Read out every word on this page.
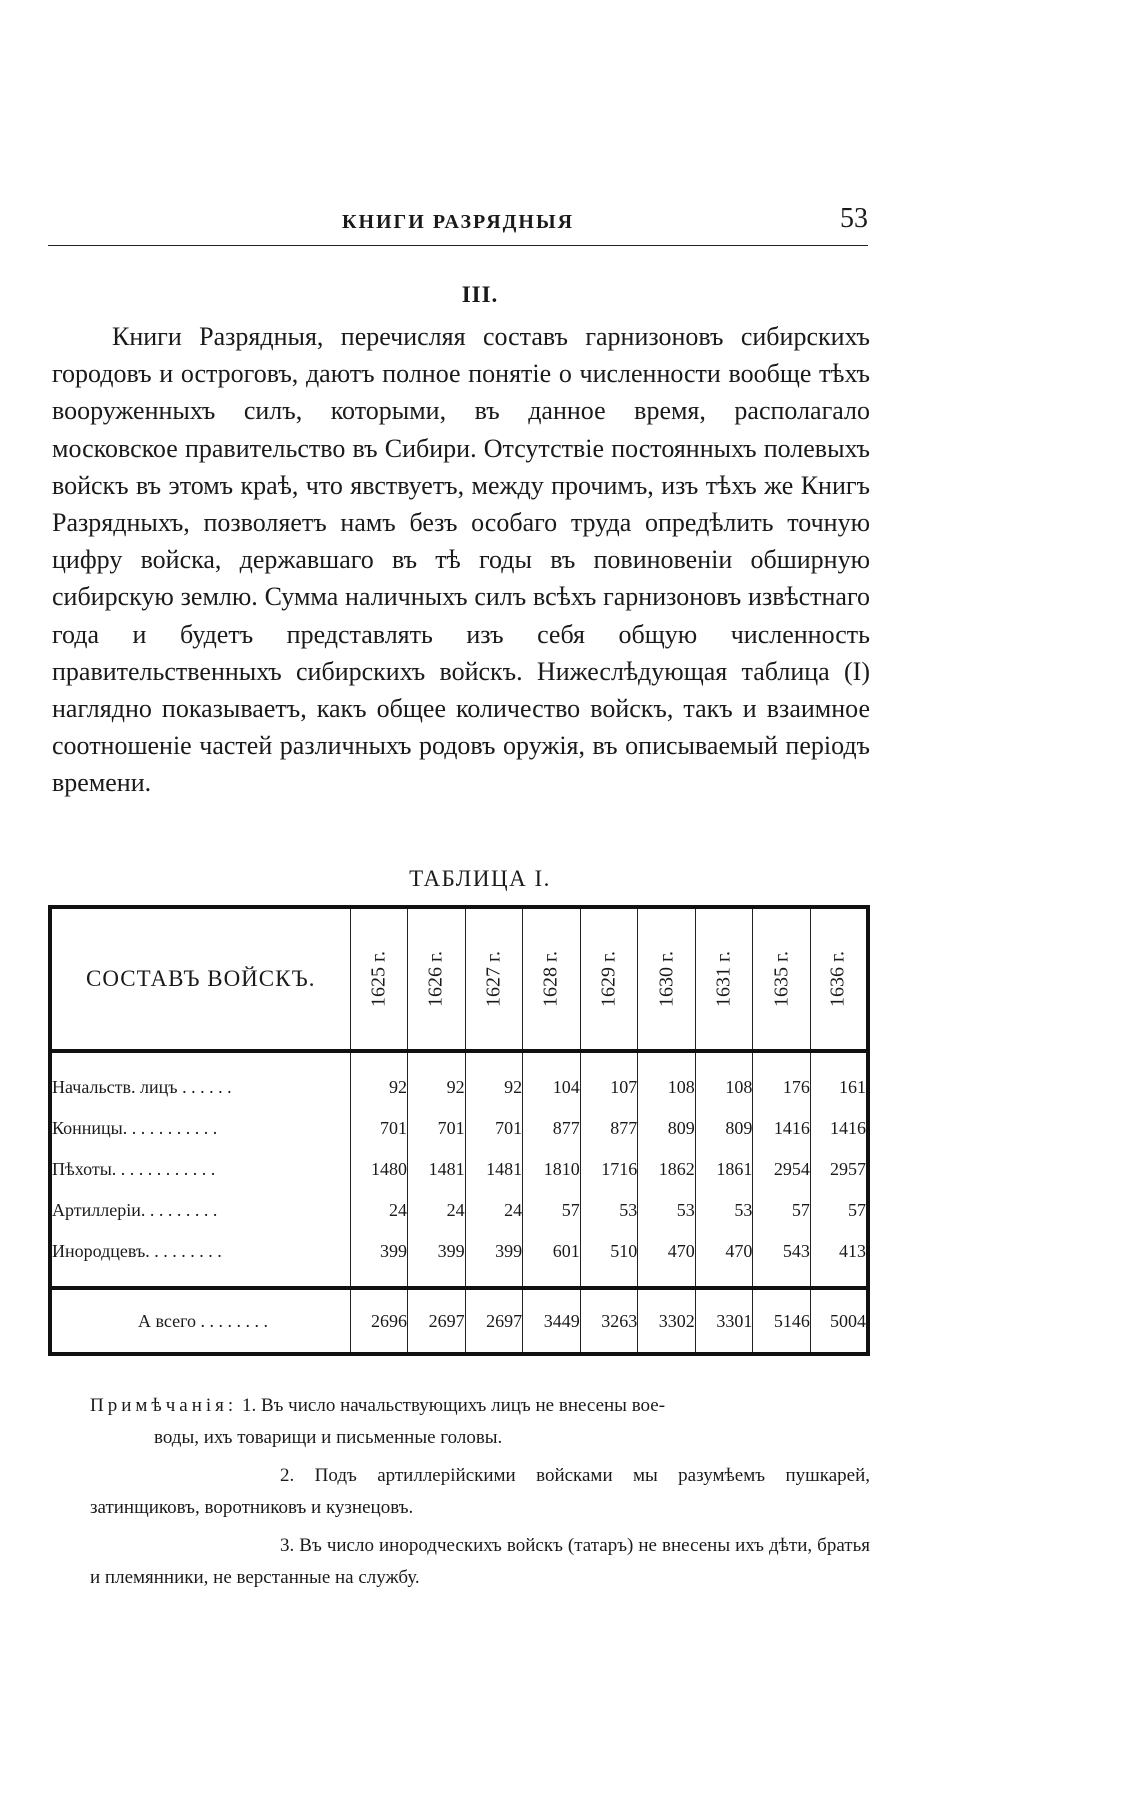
КНИГИ РАЗРЯДНЫЯ	53
III.

Книги Разрядныя, перечисляя составъ гарнизоновъ сибирскихъ городовъ и остроговъ, даютъ полное понятіе о численности вообще тѣхъ вооруженныхъ силъ, которыми, въ данное время, располагало московское правительство въ Сибири. Отсутствіе постоянныхъ полевыхъ войскъ въ этомъ краѣ, что явствуетъ, между прочимъ, изъ тѣхъ же Книгъ Разрядныхъ, позволяетъ намъ безъ особаго труда опредѣлить точную цифру войска, державшаго въ тѣ годы въ повиновеніи обширную сибирскую землю. Сумма наличныхъ силъ всѣхъ гарнизоновъ извѣстнаго года и будетъ представлять изъ себя общую численность правительственныхъ сибирскихъ войскъ. Нижеслѣдующая таблица (I) наглядно показываетъ, какъ общее количество войскъ, такъ и взаимное соотношеніе частей различныхъ родовъ оружія, въ описываемый періодъ времени.

ТАБЛИЦА I.
СОСТАВЪ ВОЙСКЪ.	1625 г.	1626 г.	1627 г.	1628 г.	1629 г.	1630 г.	1631 г.	1635 г.	1636 г.

Начальств. лицъ . . . . . .	92	92	92	104	107	108	108	176	161
Конницы. . . . . . . . . . .	701	701	701	877	877	809	809	1416	1416
Пѣхоты. . . . . . . . . . . .	1480	1481	1481	1810	1716	1862	1861	2954	2957
Артиллеріи. . . . . . . . .	24	24	24	57	53	53	53	57	57
Инородцевъ. . . . . . . . .	399	399	399	601	510	470	470	543	413
А всего . . . . . . . .	2696	2697	2697	3449	3263	3302	3301	5146	5004

Примѣчанія: 1. Въ число начальствующихъ лицъ не внесены вое-
воды, ихъ товарищи и письменные головы.

2. Подъ артиллерійскими войсками мы разумѣемъ пушкарей, затинщиковъ, воротниковъ и кузнецовъ.

3. Въ число инородческихъ войскъ (татаръ) не внесены ихъ дѣти, братья и племянники, не верстанные на службу.
